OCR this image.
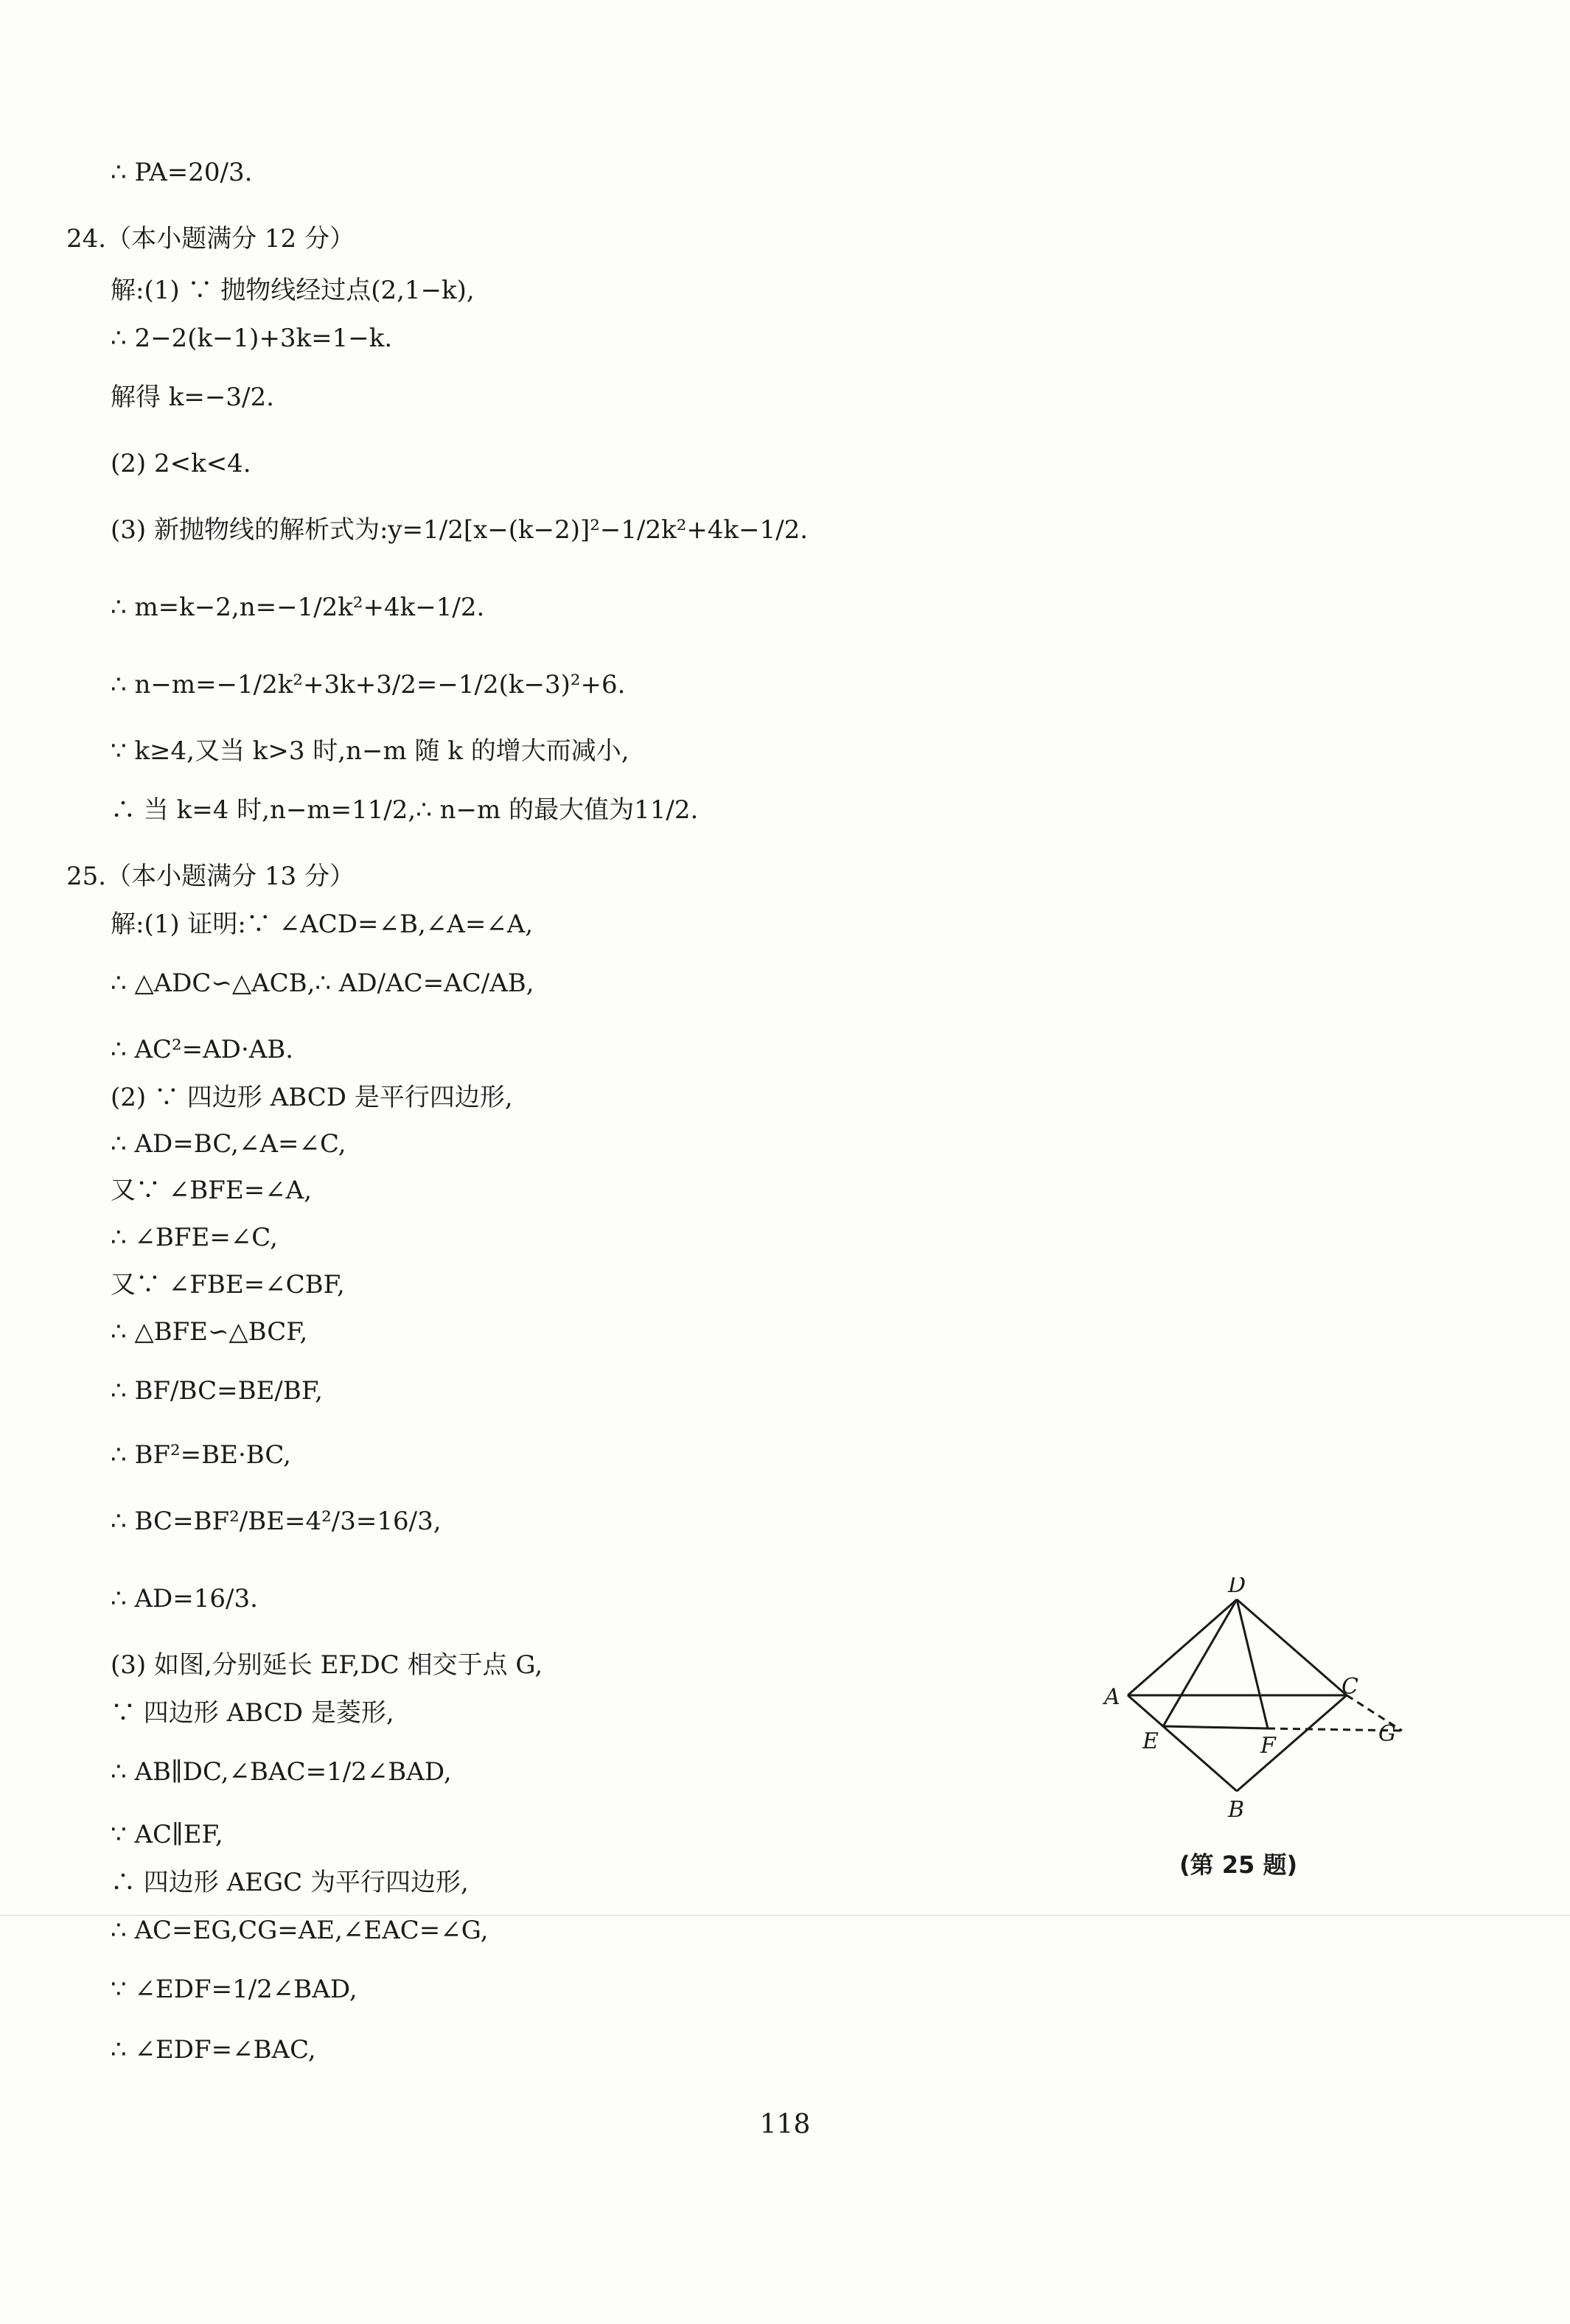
∴ PA=20/3.
24.（本小题满分 12 分）
解:(1) ∵ 抛物线经过点(2,1−k),
∴ 2−2(k−1)+3k=1−k.
解得 k=−3/2.
(2) 2<k<4.
(3) 新抛物线的解析式为:y=1/2[x−(k−2)]²−1/2k²+4k−1/2.
∴ m=k−2,n=−1/2k²+4k−1/2.
∴ n−m=−1/2k²+3k+3/2=−1/2(k−3)²+6.
∵ k≥4,又当 k>3 时,n−m 随 k 的增大而减小,
∴ 当 k=4 时,n−m=11/2,∴ n−m 的最大值为11/2.
25.（本小题满分 13 分）
解:(1) 证明:∵ ∠ACD=∠B,∠A=∠A,
∴ △ADC∽△ACB,∴ AD/AC=AC/AB,
∴ AC²=AD·AB.
(2) ∵ 四边形 ABCD 是平行四边形,
∴ AD=BC,∠A=∠C,
又∵ ∠BFE=∠A,
∴ ∠BFE=∠C,
又∵ ∠FBE=∠CBF,
∴ △BFE∽△BCF,
∴ BF/BC=BE/BF,
∴ BF²=BE·BC,
∴ BC=BF²/BE=4²/3=16/3,
∴ AD=16/3.
(3) 如图,分别延长 EF,DC 相交于点 G,
∵ 四边形 ABCD 是菱形,
∴ AB∥DC,∠BAC=1/2∠BAD,
∵ AC∥EF,
∴ 四边形 AEGC 为平行四边形,
∴ AC=EG,CG=AE,∠EAC=∠G,
∵ ∠EDF=1/2∠BAD,
∴ ∠EDF=∠BAC,
D
A	C
E	F	G
B
(第 25 题)
118
